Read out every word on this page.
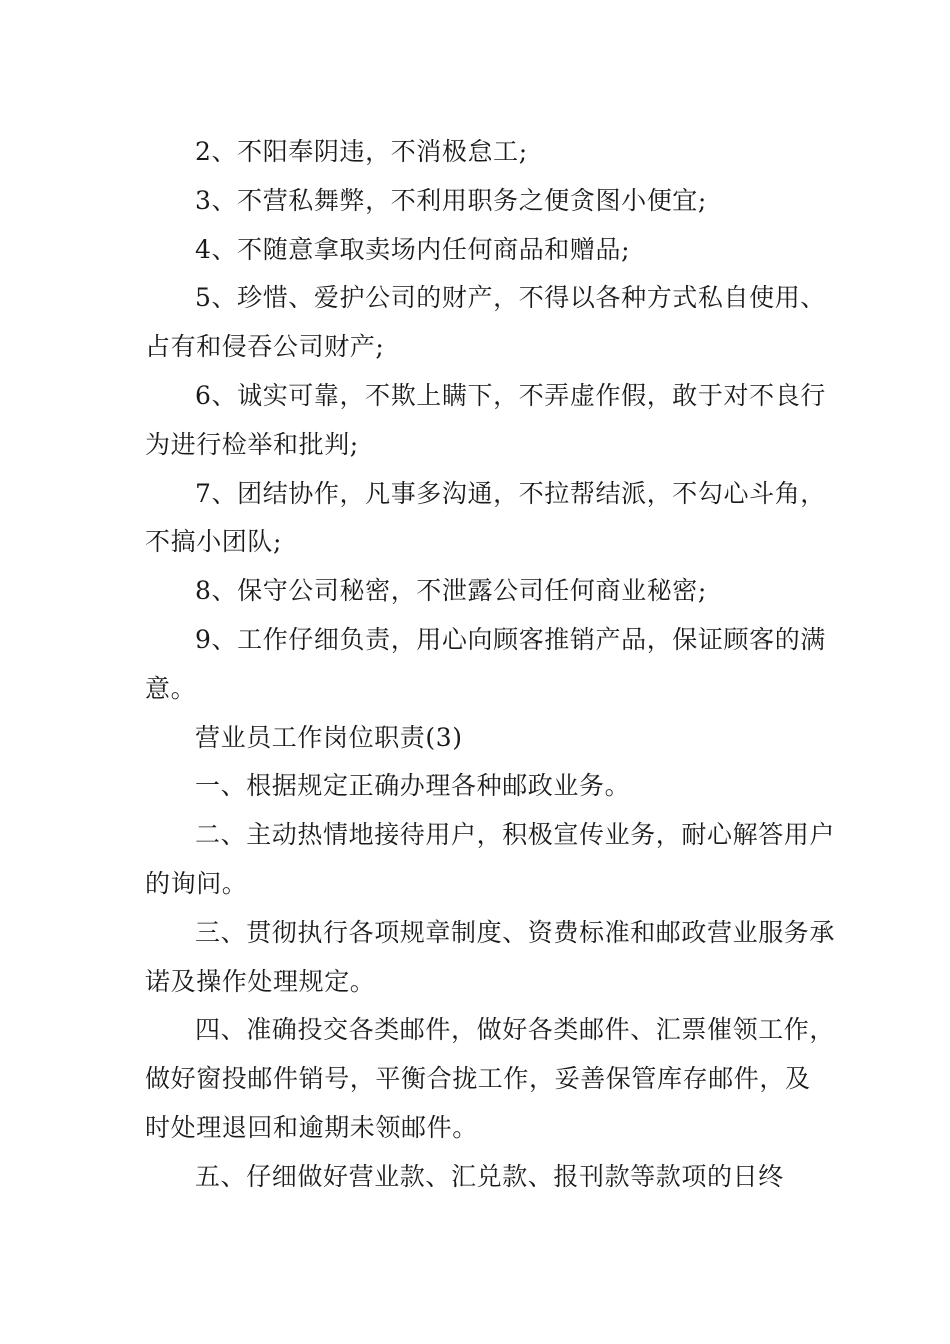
2、不阳奉阴违，不消极怠工;

3、不营私舞弊，不利用职务之便贪图小便宜;

4、不随意拿取卖场内任何商品和赠品;

5、珍惜、爱护公司的财产，不得以各种方式私自使用、占有和侵吞公司财产;

6、诚实可靠，不欺上瞒下，不弄虚作假，敢于对不良行为进行检举和批判;

7、团结协作，凡事多沟通，不拉帮结派，不勾心斗角，不搞小团队;

8、保守公司秘密，不泄露公司任何商业秘密;

9、工作仔细负责，用心向顾客推销产品，保证顾客的满意。

营业员工作岗位职责(3)

一、根据规定正确办理各种邮政业务。

二、主动热情地接待用户，积极宣传业务，耐心解答用户的询问。

三、贯彻执行各项规章制度、资费标准和邮政营业服务承诺及操作处理规定。

四、准确投交各类邮件，做好各类邮件、汇票催领工作，做好窗投邮件销号，平衡合拢工作，妥善保管库存邮件，及时处理退回和逾期未领邮件。

五、仔细做好营业款、汇兑款、报刊款等款项的日终
